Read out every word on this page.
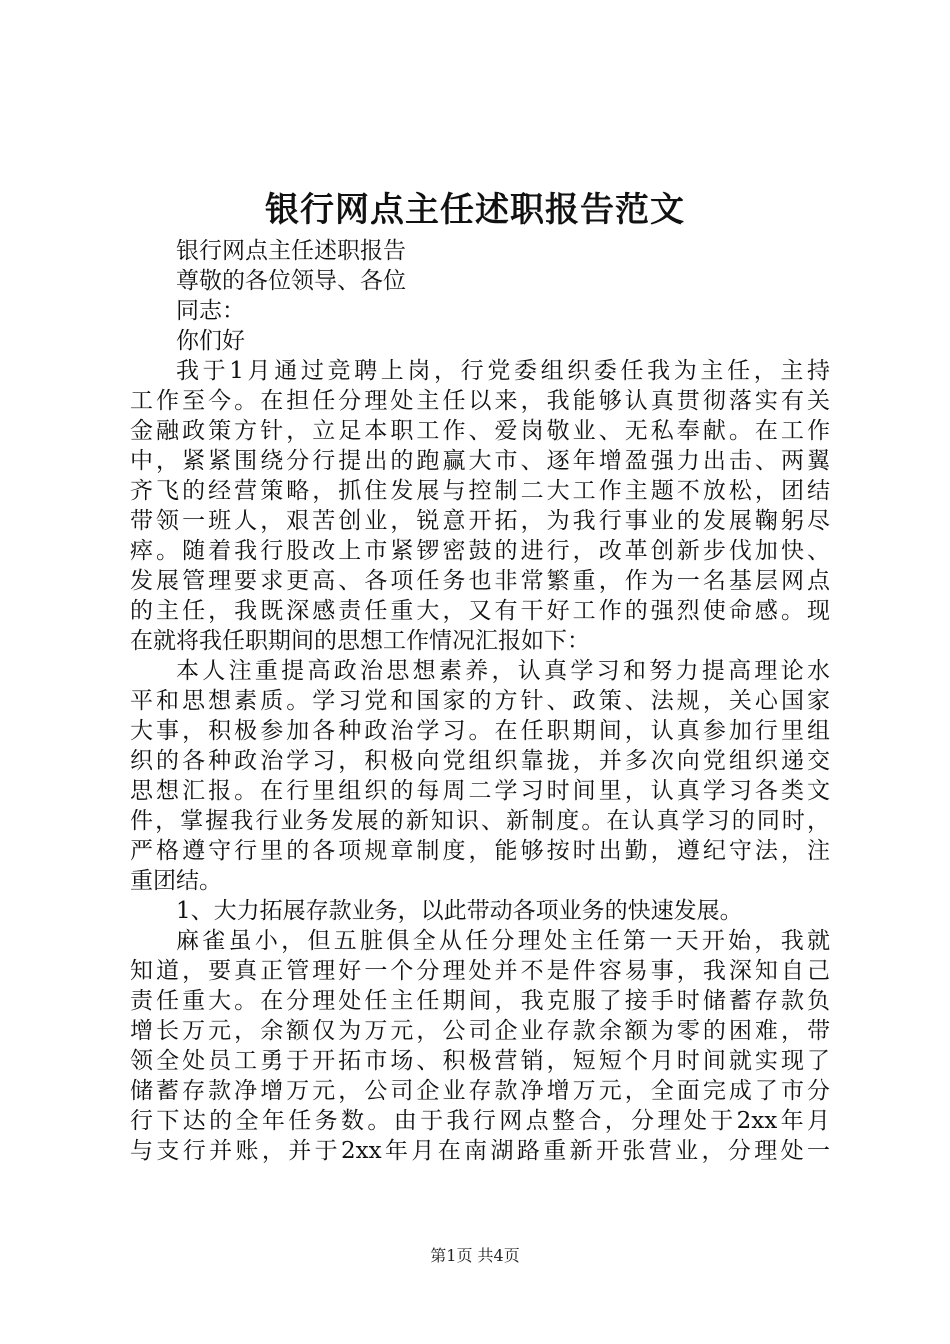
银行网点主任述职报告范文
银行网点主任述职报告
尊敬的各位领导、各位
同志：
你们好
我于1月通过竞聘上岗，行党委组织委任我为主任，主持
工作至今。在担任分理处主任以来，我能够认真贯彻落实有关
金融政策方针，立足本职工作、爱岗敬业、无私奉献。在工作
中，紧紧围绕分行提出的跑赢大市、逐年增盈强力出击、两翼
齐飞的经营策略，抓住发展与控制二大工作主题不放松，团结
带领一班人，艰苦创业，锐意开拓，为我行事业的发展鞠躬尽
瘁。随着我行股改上市紧锣密鼓的进行，改革创新步伐加快、
发展管理要求更高、各项任务也非常繁重，作为一名基层网点
的主任，我既深感责任重大，又有干好工作的强烈使命感。现
在就将我任职期间的思想工作情况汇报如下：
本人注重提高政治思想素养，认真学习和努力提高理论水
平和思想素质。学习党和国家的方针、政策、法规，关心国家
大事，积极参加各种政治学习。在任职期间，认真参加行里组
织的各种政治学习，积极向党组织靠拢，并多次向党组织递交
思想汇报。在行里组织的每周二学习时间里，认真学习各类文
件，掌握我行业务发展的新知识、新制度。在认真学习的同时，
严格遵守行里的各项规章制度，能够按时出勤，遵纪守法，注
重团结。
1、大力拓展存款业务，以此带动各项业务的快速发展。
麻雀虽小，但五脏俱全从任分理处主任第一天开始，我就
知道，要真正管理好一个分理处并不是件容易事，我深知自己
责任重大。在分理处任主任期间，我克服了接手时储蓄存款负
增长万元，余额仅为万元，公司企业存款余额为零的困难，带
领全处员工勇于开拓市场、积极营销，短短个月时间就实现了
储蓄存款净增万元，公司企业存款净增万元，全面完成了市分
行下达的全年任务数。由于我行网点整合，分理处于2xx年月
与支行并账，并于2xx年月在南湖路重新开张营业，分理处一
第1页 共4页
